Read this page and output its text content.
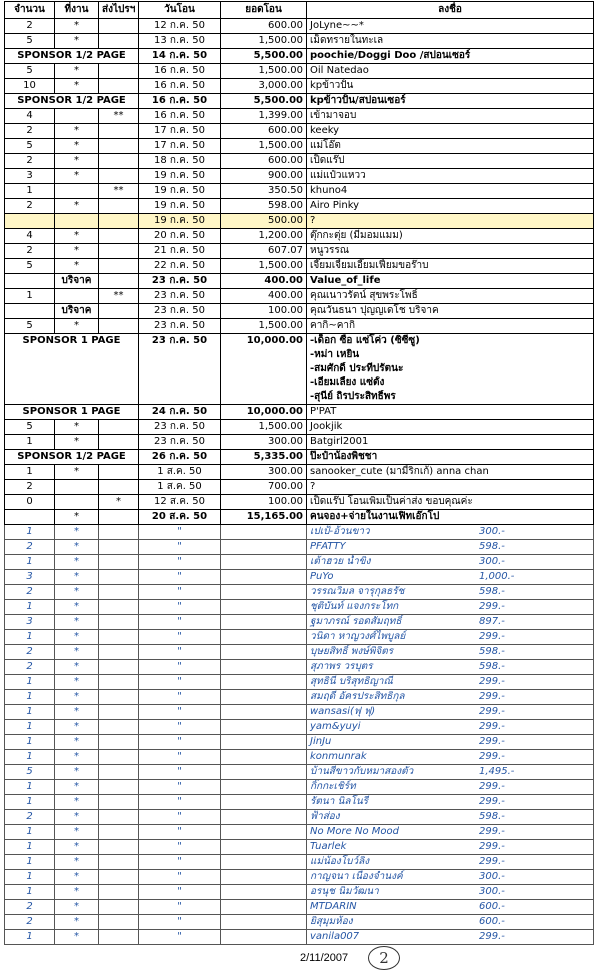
จำนวน	ที่งาน	ส่งไปรฯ	วันโอน	ยอดโอน	ลงชื่อ
2	*		12 ก.ค. 50	600.00	JoLyne~~*
5	*		13 ก.ค. 50	1,500.00	เม็ดทรายในทะเล
SPONSOR 1/2 PAGE			14 ก.ค. 50	5,500.00	poochie/Doggi Doo /สปอนเซอร์
5	*		16 ก.ค. 50	1,500.00	Oil Natedao
10	*		16 ก.ค. 50	3,000.00	kpข้าวปั้น
SPONSOR 1/2 PAGE			16 ก.ค. 50	5,500.00	kpข้าวปั้น/สปอนเซอร์
4		**	16 ก.ค. 50	1,399.00	เข้ามาจอบ
2	*		17 ก.ค. 50	600.00	keeky
5	*		17 ก.ค. 50	1,500.00	แม่โอ๊ต
2	*		18 ก.ค. 50	600.00	เป็ดแร๊ป
3	*		19 ก.ค. 50	900.00	แม่แป๋วแหวว
1		**	19 ก.ค. 50	350.50	khuno4
2	*		19 ก.ค. 50	598.00	Airo Pinky
			19 ก.ค. 50	500.00	?
4	*		20 ก.ค. 50	1,200.00	ตุ๊กกะตุ่ย (มีมอมแมม)
2	*		21 ก.ค. 50	607.07	หนูวรรณ
5	*		22 ก.ค. 50	1,500.00	เจี๊ยมเจี้ยมเอี๊ยมเฟี้ยมขอร๊าบ
	บริจาค		23 ก.ค. 50	400.00	Value_of_life
1		**	23 ก.ค. 50	400.00	คุณเนาวรัตน์ สุขพระโพธิ์
	บริจาค		23 ก.ค. 50	100.00	คุณวันธนา ปุญญเดโช บริจาค
5	*		23 ก.ค. 50	1,500.00	คากิ~คากิ
SPONSOR 1 PAGE			23 ก.ค. 50	10,000.00	-เด็อก ซือ แซ่โค่ว (ซิซีซู)
					-หม่า เหยิน
					-สมศักดิ์ ประทีปรัตนะ
					-เอี๋ยมเลี้ยง แซ่ตั้ง
					-สุนีย์ ถิรประสิทธิ์พร
SPONSOR 1 PAGE			24 ก.ค. 50	10,000.00	P'PAT
5	*		23 ก.ค. 50	1,500.00	Jookjik
1	*		23 ก.ค. 50	300.00	Batgirl2001
SPONSOR 1/2 PAGE			26 ก.ค. 50	5,335.00	ป๊ะป๋าน้องพิชชา
1	*		1 ส.ค. 50	300.00	sanooker_cute (มามี้ริกเก้) anna chan
2			1 ส.ค. 50	700.00	?
0		*	12 ส.ค. 50	100.00	เป็ดแร๊ป โอนเพิ่มเป็นค่าส่ง ขอบคุณค่ะ
	*		20 ส.ค. 50	15,165.00	คนจอง+จ่ายในงานเฟิทเอ๊กโป
1	*		"		เปเป้-อ้วนขาว 300.-

2	*		"		PFATTY 598.-

1	*		"		เต้าฮวย น้ำขิง 300.-

3	*		"		PuYo 1,000.-

2	*		"		วรรณวิมล จารุกุลธรัช 598.-

1	*		"		ชุติบันท์ แจงกระโทก 299.-

3	*		"		ฐมาภรณ์ รอดสัมฤทธิ์ 897.-

1	*		"		วนิดา หาญวงศ์ไพบูลย์ 299.-

2	*		"		บุษยสิทธิ์ พงษ์พิจิตร 598.-

2	*		"		สุภาพร วรบุตร 598.-

1	*		"		สุทธินี บริสุทธิญาณี 299.-

1	*		"		สมฤดี อัครประสิทธิกุล 299.-

1	*		"		wansasi(ฟุ ฟุ) 299.-

1	*		"		yam&yuyi 299.-

1	*		"		JinJu 299.-

1	*		"		konmunrak 299.-

5	*		"		บ้านสีขาวกับหมาสองตัว 1,495.-

1	*		"		กิ๊กกะเชิร์ท 299.-

1	*		"		รัตนา นิลโนรี 299.-

2	*		"		ฟ้าส่อง 598.-

1	*		"		No More No Mood 299.-

1	*		"		Tuarlek 299.-

1	*		"		แม่น้องโบว์ลิง 299.-

1	*		"		กาญจนา เนื่องจำนงค์ 300.-

1	*		"		อรนุช นิมวัฒนา 300.-

2	*		"		MTDARIN 600.-

2	*		"		ยิสุมุมห้อง 600.-

1	*		"		vanila007 299.-
2/11/2007	2
